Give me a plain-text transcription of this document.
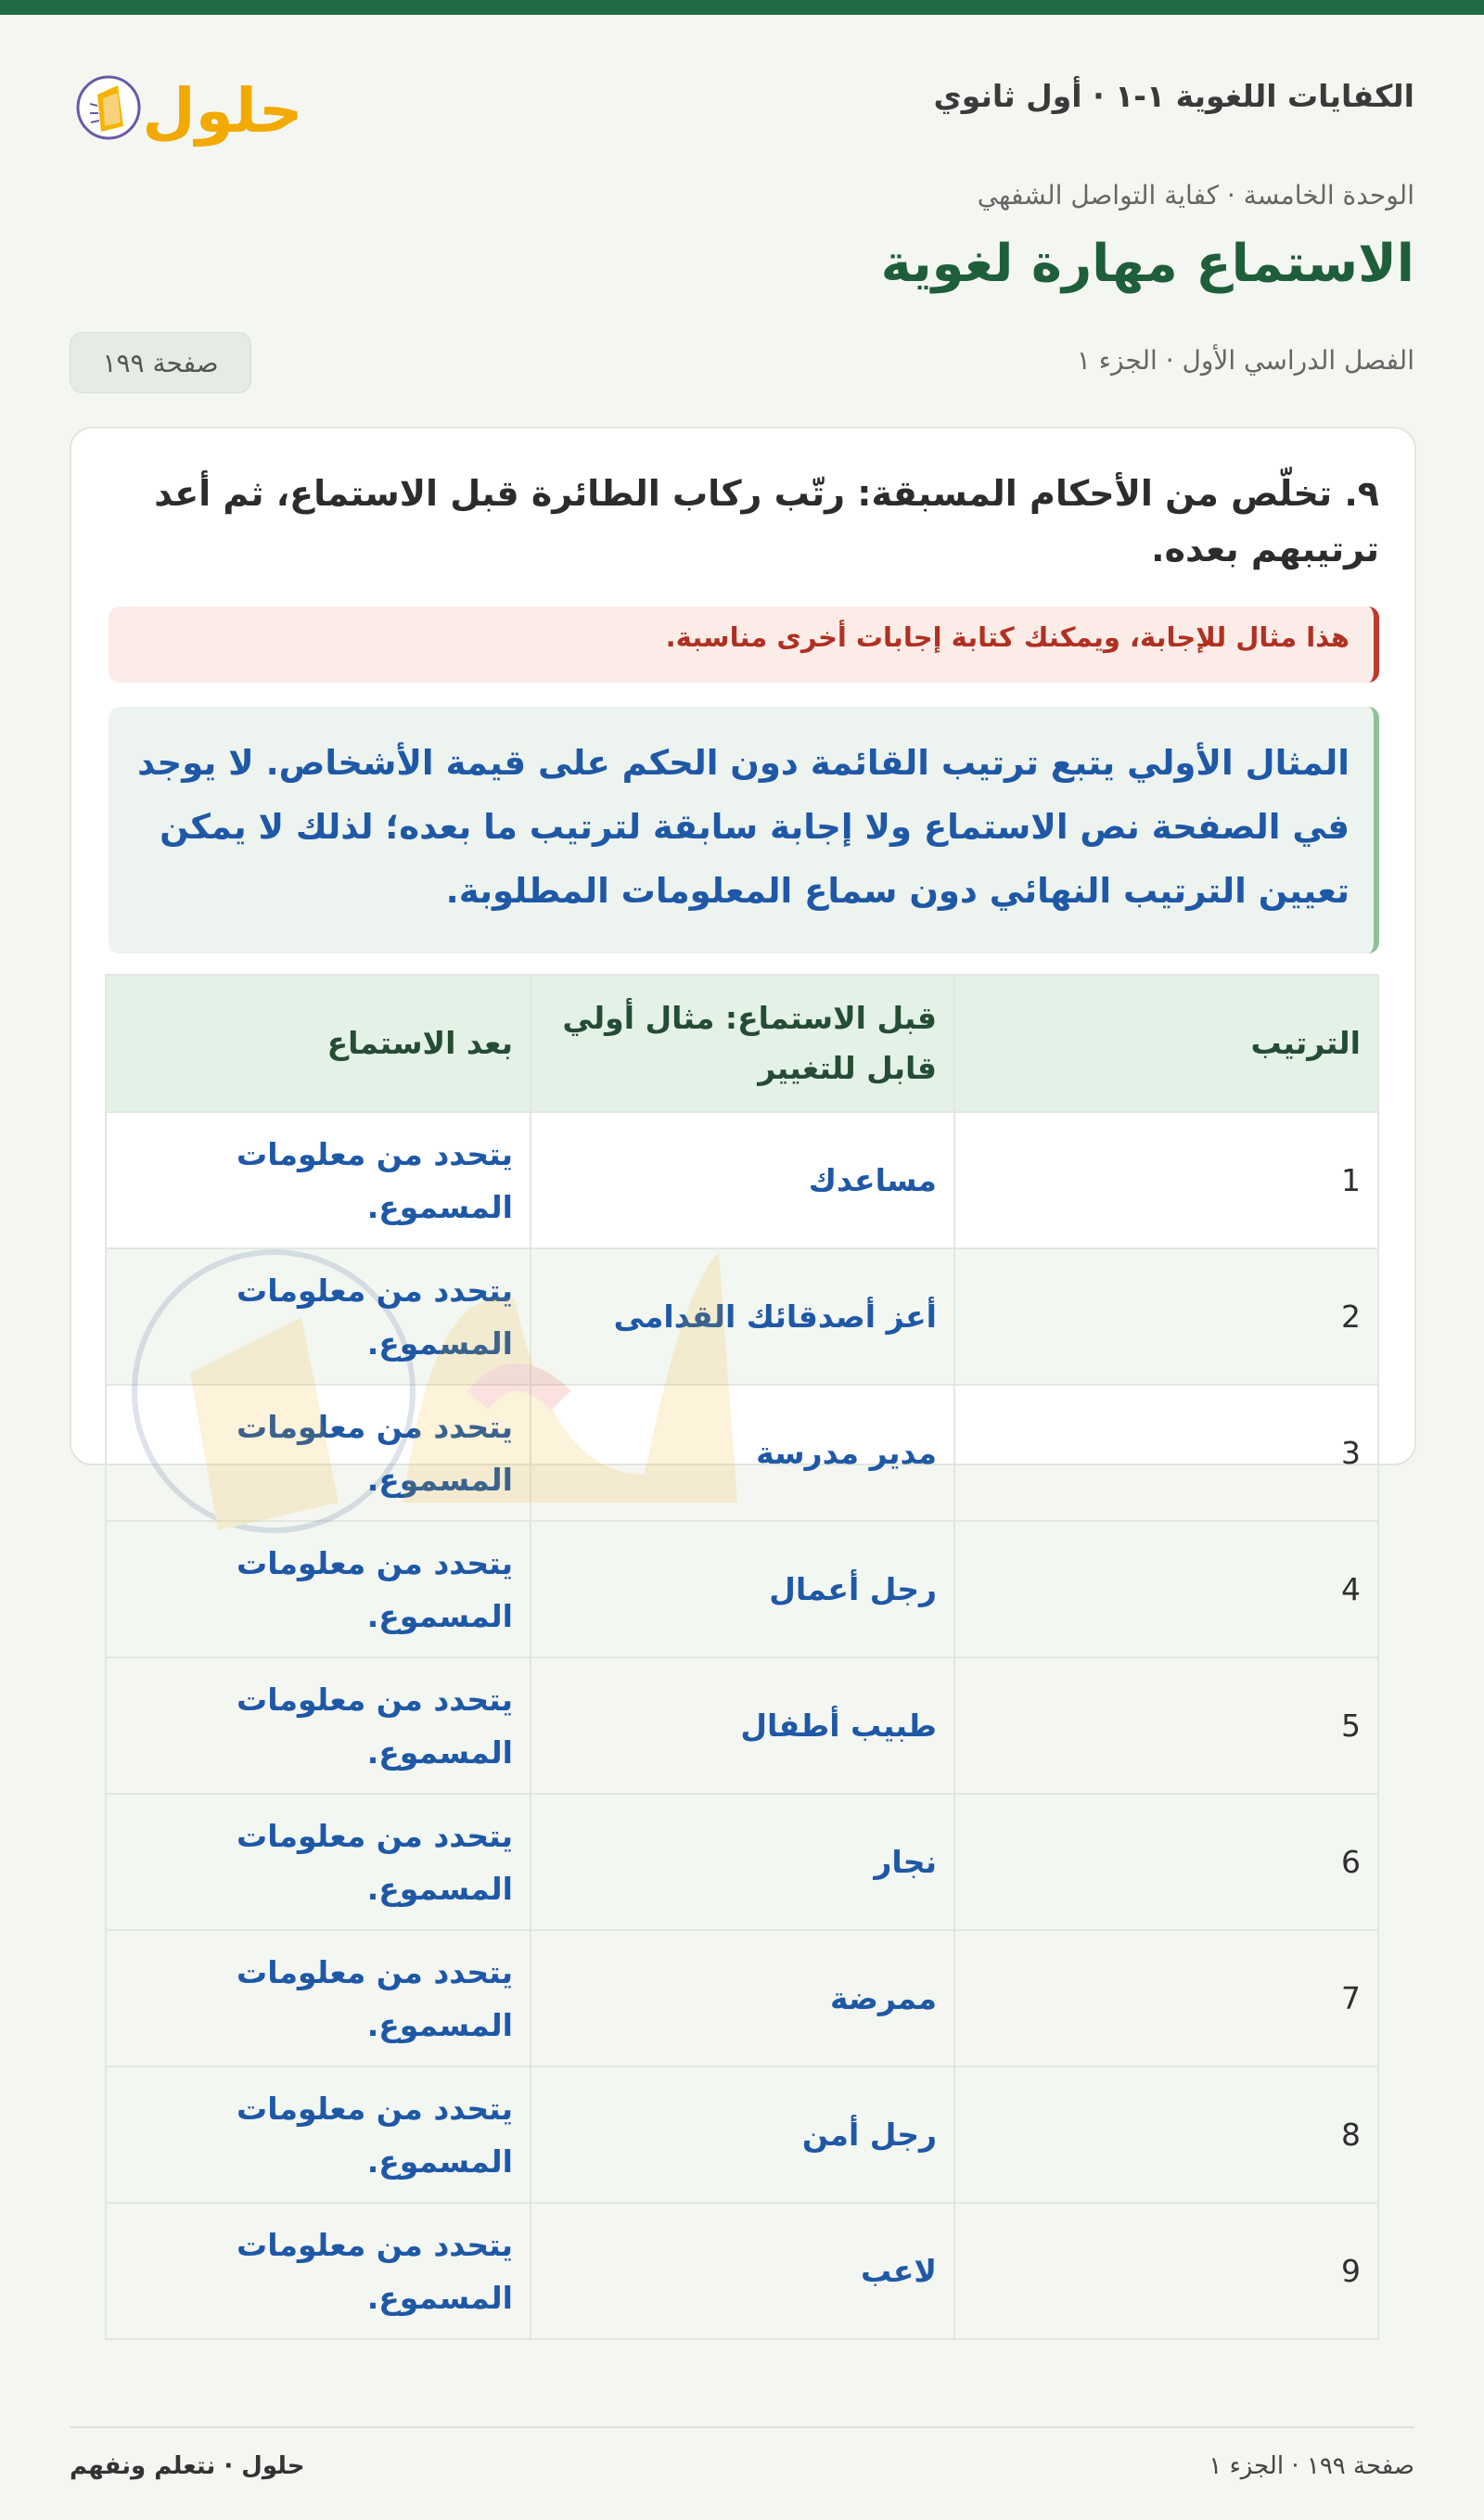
الكفايات اللغوية ١-١ · أول ثانوي
حلول
الوحدة الخامسة · كفاية التواصل الشفهي
الاستماع مهارة لغوية
الفصل الدراسي الأول · الجزء ١
صفحة ١٩٩
٩. تخلّص من الأحكام المسبقة: رتّب ركاب الطائرة قبل الاستماع، ثم أعد ترتيبهم بعده.
هذا مثال للإجابة، ويمكنك كتابة إجابات أخرى مناسبة.
المثال الأولي يتبع ترتيب القائمة دون الحكم على قيمة الأشخاص. لا يوجد في الصفحة نص الاستماع ولا إجابة سابقة لترتيب ما بعده؛ لذلك لا يمكن تعيين الترتيب النهائي دون سماع المعلومات المطلوبة.
الترتيب	قبل الاستماع: مثال أولي قابل للتغيير	بعد الاستماع
1	مساعدك	يتحدد من معلومات المسموع.
2	أعز أصدقائك القدامى	يتحدد من معلومات المسموع.
3	مدير مدرسة	يتحدد من معلومات المسموع.
4	رجل أعمال	يتحدد من معلومات المسموع.
5	طبيب أطفال	يتحدد من معلومات المسموع.
6	نجار	يتحدد من معلومات المسموع.
7	ممرضة	يتحدد من معلومات المسموع.
8	رجل أمن	يتحدد من معلومات المسموع.
9	لاعب	يتحدد من معلومات المسموع.
صفحة ١٩٩ · الجزء ١
حلول · نتعلم ونفهم
